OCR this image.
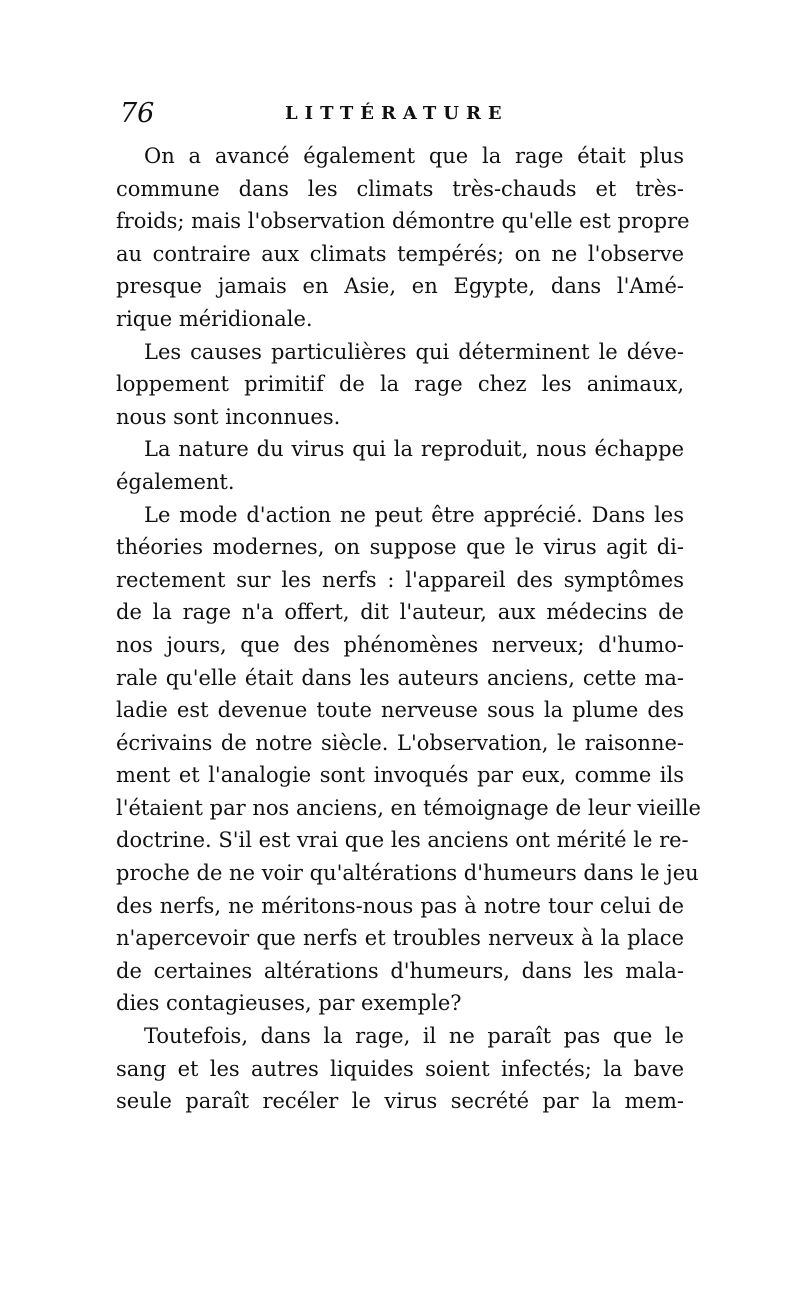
76	LITTÉRATURE
On a avancé également que la rage était plus
commune dans les climats très-chauds et très-
froids; mais l'observation démontre qu'elle est propre
au contraire aux climats tempérés; on ne l'observe
presque jamais en Asie, en Egypte, dans l'Amé-
rique méridionale.
Les causes particulières qui déterminent le déve-
loppement primitif de la rage chez les animaux,
nous sont inconnues.
La nature du virus qui la reproduit, nous échappe
également.
Le mode d'action ne peut être apprécié. Dans les
théories modernes, on suppose que le virus agit di-
rectement sur les nerfs : l'appareil des symptômes
de la rage n'a offert, dit l'auteur, aux médecins de
nos jours, que des phénomènes nerveux; d'humo-
rale qu'elle était dans les auteurs anciens, cette ma-
ladie est devenue toute nerveuse sous la plume des
écrivains de notre siècle. L'observation, le raisonne-
ment et l'analogie sont invoqués par eux, comme ils
l'étaient par nos anciens, en témoignage de leur vieille
doctrine. S'il est vrai que les anciens ont mérité le re-
proche de ne voir qu'altérations d'humeurs dans le jeu
des nerfs, ne méritons-nous pas à notre tour celui de
n'apercevoir que nerfs et troubles nerveux à la place
de certaines altérations d'humeurs, dans les mala-
dies contagieuses, par exemple?
Toutefois, dans la rage, il ne paraît pas que le
sang et les autres liquides soient infectés; la bave
seule paraît recéler le virus secrété par la mem-
